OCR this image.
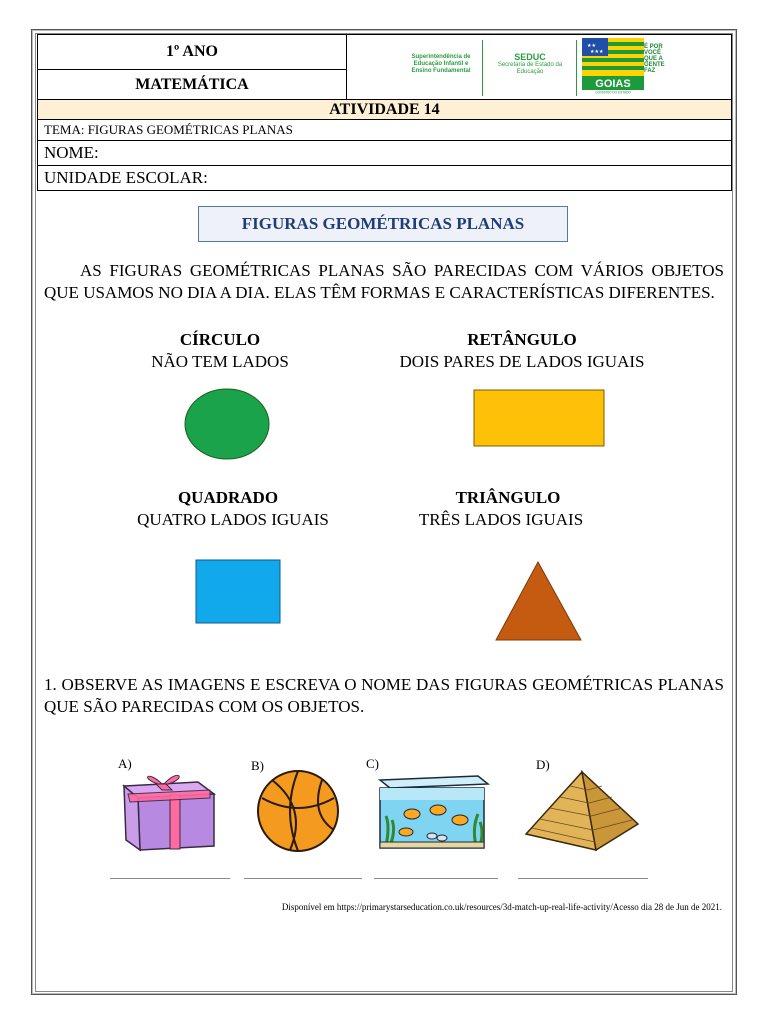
1º ANO
MATEMÁTICA
ATIVIDADE 14
TEMA: FIGURAS GEOMÉTRICAS PLANAS
NOME:
UNIDADE ESCOLAR:
Superintendência de Educação Infantil e Ensino Fundamental
SEDUC
Secretaria de Estado da Educação
★★
★★★
GOIAS
GOVERNO DO ESTADO
É POR VOCÊ QUE A GENTE FAZ
FIGURAS GEOMÉTRICAS PLANAS
AS FIGURAS GEOMÉTRICAS PLANAS SÃO PARECIDAS COM VÁRIOS OBJETOS QUE USAMOS NO DIA A DIA. ELAS TÊM FORMAS E CARACTERÍSTICAS DIFERENTES.
CÍRCULO
NÃO TEM LADOS
RETÂNGULO
DOIS PARES DE LADOS IGUAIS
QUADRADO
QUATRO LADOS IGUAIS
TRIÂNGULO
TRÊS LADOS IGUAIS
1. OBSERVE AS IMAGENS E ESCREVA O NOME DAS FIGURAS GEOMÉTRICAS PLANAS QUE SÃO PARECIDAS COM OS OBJETOS.
A)	B)	C)	D)
Disponível em https://primarystarseducation.co.uk/resources/3d-match-up-real-life-activity/Acesso dia 28 de Jun de 2021.
